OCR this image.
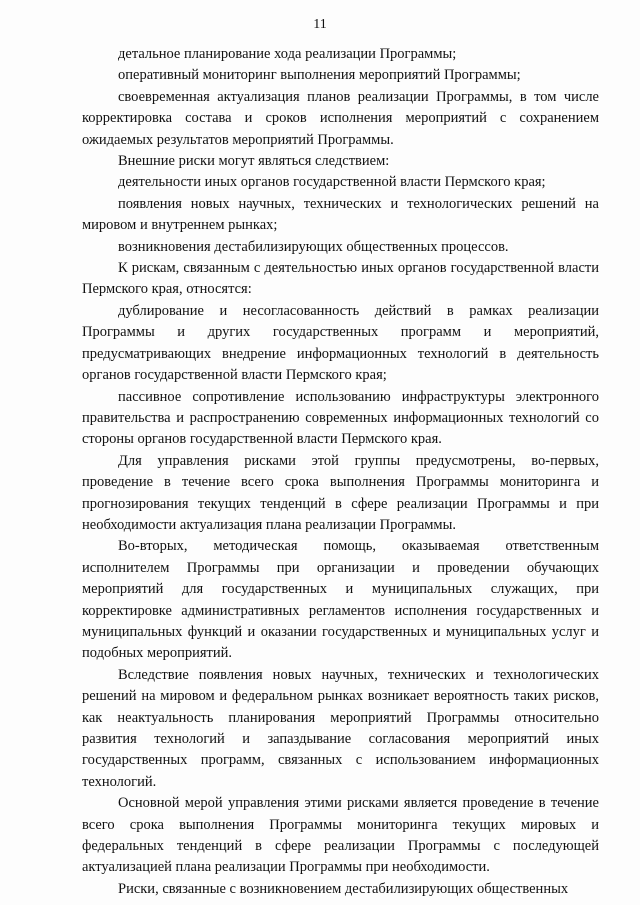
11

детальное планирование хода реализации Программы;

оперативный мониторинг выполнения мероприятий Программы;

своевременная актуализация планов реализации Программы, в том числе корректировка состава и сроков исполнения мероприятий с сохранением ожидаемых результатов мероприятий Программы.

Внешние риски могут являться следствием:

деятельности иных органов государственной власти Пермского края;

появления новых научных, технических и технологических решений на мировом и внутреннем рынках;

возникновения дестабилизирующих общественных процессов.

К рискам, связанным с деятельностью иных органов государственной власти Пермского края, относятся:

дублирование и несогласованность действий в рамках реализации Программы и других государственных программ и мероприятий, предусматривающих внедрение информационных технологий в деятельность органов государственной власти Пермского края;

пассивное сопротивление использованию инфраструктуры электронного правительства и распространению современных информационных технологий со стороны органов государственной власти Пермского края.

Для управления рисками этой группы предусмотрены, во-первых, проведение в течение всего срока выполнения Программы мониторинга и прогнозирования текущих тенденций в сфере реализации Программы и при необходимости актуализация плана реализации Программы.

Во-вторых, методическая помощь, оказываемая ответственным исполнителем Программы при организации и проведении обучающих мероприятий для государственных и муниципальных служащих, при корректировке административных регламентов исполнения государственных и муниципальных функций и оказании государственных и муниципальных услуг и подобных мероприятий.

Вследствие появления новых научных, технических и технологических решений на мировом и федеральном рынках возникает вероятность таких рисков, как неактуальность планирования мероприятий Программы относительно развития технологий и запаздывание согласования мероприятий иных государственных программ, связанных с использованием информационных технологий.

Основной мерой управления этими рисками является проведение в течение всего срока выполнения Программы мониторинга текущих мировых и федеральных тенденций в сфере реализации Программы с последующей актуализацией плана реализации Программы при необходимости.

Риски, связанные с возникновением дестабилизирующих общественных
